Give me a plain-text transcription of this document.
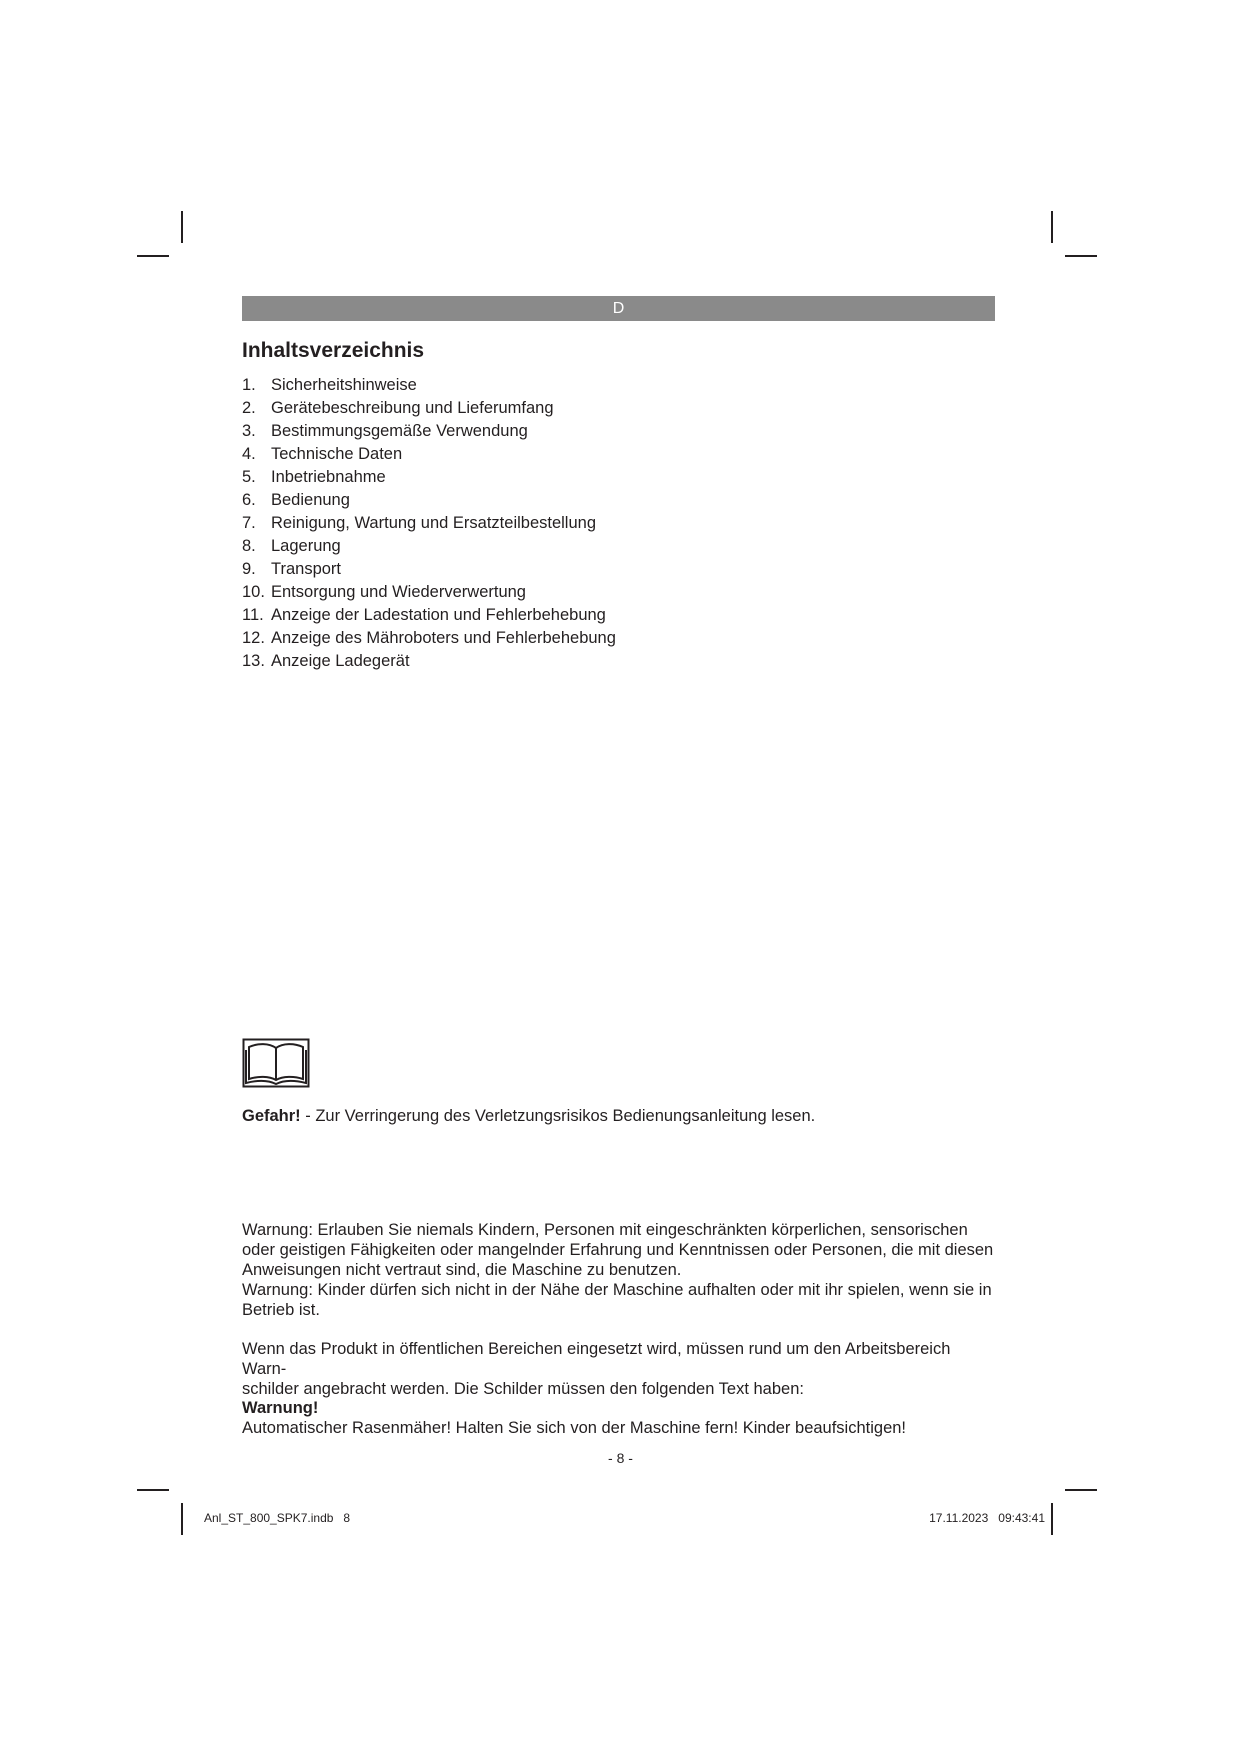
D
Inhaltsverzeichnis
1. Sicherheitshinweise
2. Gerätebeschreibung und Lieferumfang
3. Bestimmungsgemäße Verwendung
4. Technische Daten
5. Inbetriebnahme
6. Bedienung
7. Reinigung, Wartung und Ersatzteilbestellung
8. Lagerung
9. Transport
10. Entsorgung und Wiederverwertung
11. Anzeige der Ladestation und Fehlerbehebung
12. Anzeige des Mähroboters und Fehlerbehebung
13. Anzeige Ladegerät

Gefahr! - Zur Verringerung des Verletzungsrisikos Bedienungsanleitung lesen.

Warnung: Erlauben Sie niemals Kindern, Personen mit eingeschränkten körperlichen, sensorischen
oder geistigen Fähigkeiten oder mangelnder Erfahrung und Kenntnissen oder Personen, die mit diesen
Anweisungen nicht vertraut sind, die Maschine zu benutzen.
Warnung: Kinder dürfen sich nicht in der Nähe der Maschine aufhalten oder mit ihr spielen, wenn sie in
Betrieb ist.
Wenn das Produkt in öffentlichen Bereichen eingesetzt wird, müssen rund um den Arbeitsbereich Warn-
schilder angebracht werden. Die Schilder müssen den folgenden Text haben:
Warnung!
Automatischer Rasenmäher! Halten Sie sich von der Maschine fern! Kinder beaufsichtigen!
- 8 -
Anl_ST_800_SPK7.indb   8	17.11.2023   09:43:41
